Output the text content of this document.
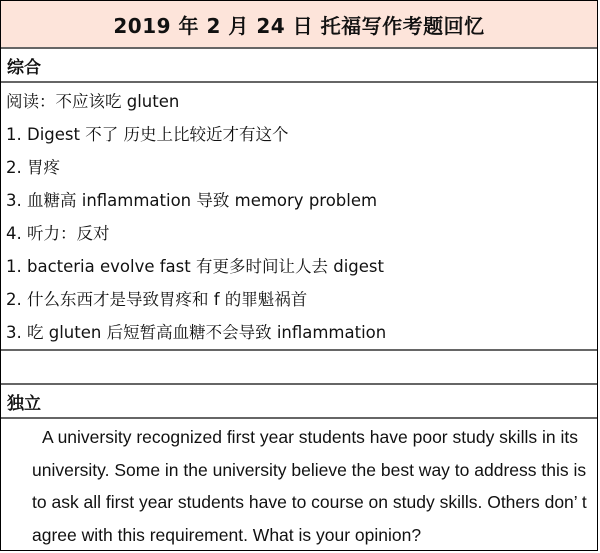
2019 年 2 月 24 日 托福写作考题回忆
综合
阅读：不应该吃 gluten
1. Digest 不了 历史上比较近才有这个
2. 胃疼
3. 血糖高 inflammation 导致 memory problem
4. 听力：反对
1. bacteria evolve fast 有更多时间让人去 digest
2. 什么东西才是导致胃疼和 f 的罪魁祸首
3. 吃 gluten 后短暂高血糖不会导致 inflammation
独立
A university recognized first year students have poor study skills in its university. Some in the university believe the best way to address this is to ask all first year students have to course on study skills. Others don’ t agree with this requirement. What is your opinion?
